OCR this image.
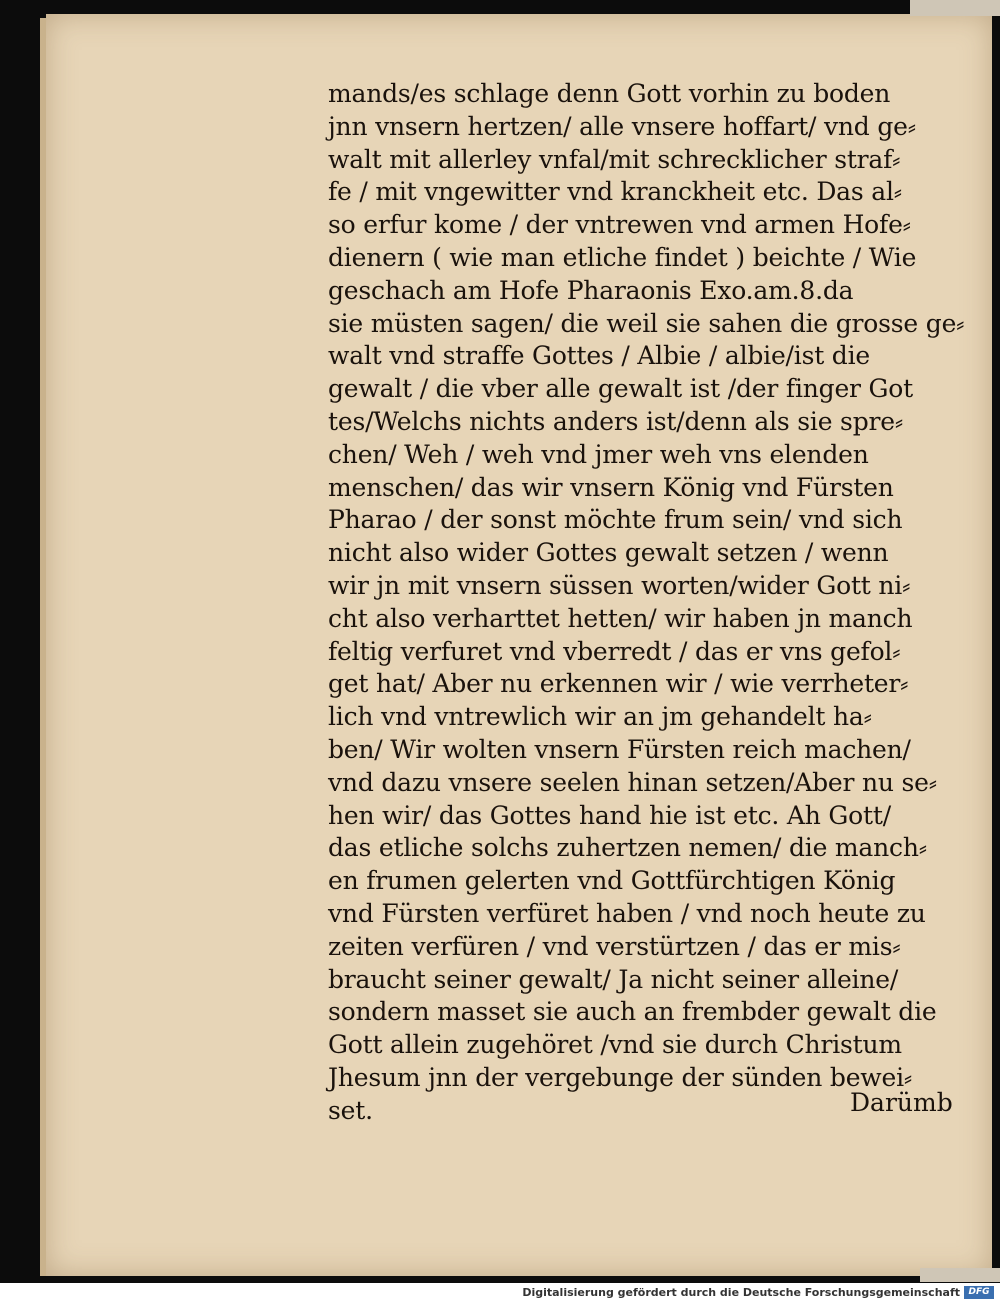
mands/es schlage denn Gott vorhin zu boden
jnn vnsern hertzen/ alle vnsere hoffart/ vnd ge⸗
walt mit allerley vnfal/mit schrecklicher straf⸗
fe / mit vngewitter vnd kranckheit etc. Das al⸗
so erfur kome / der vntrewen vnd armen Hofe⸗
dienern ( wie man etliche findet ) beichte / Wie
geschach am Hofe Pharaonis Exo.am.8.da
sie müsten sagen/ die weil sie sahen die grosse ge⸗
walt vnd straffe Gottes / Albie / albie/ist die
gewalt / die vber alle gewalt ist /der finger Got
tes/Welchs nichts anders ist/denn als sie spre⸗
chen/ Weh / weh vnd jmer weh vns elenden
menschen/ das wir vnsern König vnd Fürsten
Pharao / der sonst möchte frum sein/ vnd sich
nicht also wider Gottes gewalt setzen / wenn
wir jn mit vnsern süssen worten/wider Gott ni⸗
cht also verharttet hetten/ wir haben jn manch
feltig verfuret vnd vberredt / das er vns gefol⸗
get hat/ Aber nu erkennen wir / wie verrheter⸗
lich vnd vntrewlich wir an jm gehandelt ha⸗
ben/ Wir wolten vnsern Fürsten reich machen/
vnd dazu vnsere seelen hinan setzen/Aber nu se⸗
hen wir/ das Gottes hand hie ist etc. Ah Gott/
das etliche solchs zuhertzen nemen/ die manch⸗
en frumen gelerten vnd Gottfürchtigen König
vnd Fürsten verfüret haben / vnd noch heute zu
zeiten verfüren / vnd verstürtzen / das er mis⸗
braucht seiner gewalt/ Ja nicht seiner alleine/
sondern masset sie auch an frembder gewalt die
Gott allein zugehöret /vnd sie durch Christum
Jhesum jnn der vergebunge der sünden bewei⸗
set.	Darümb
Digitalisierung gefördert durch die Deutsche Forschungsgemeinschaft DFG
